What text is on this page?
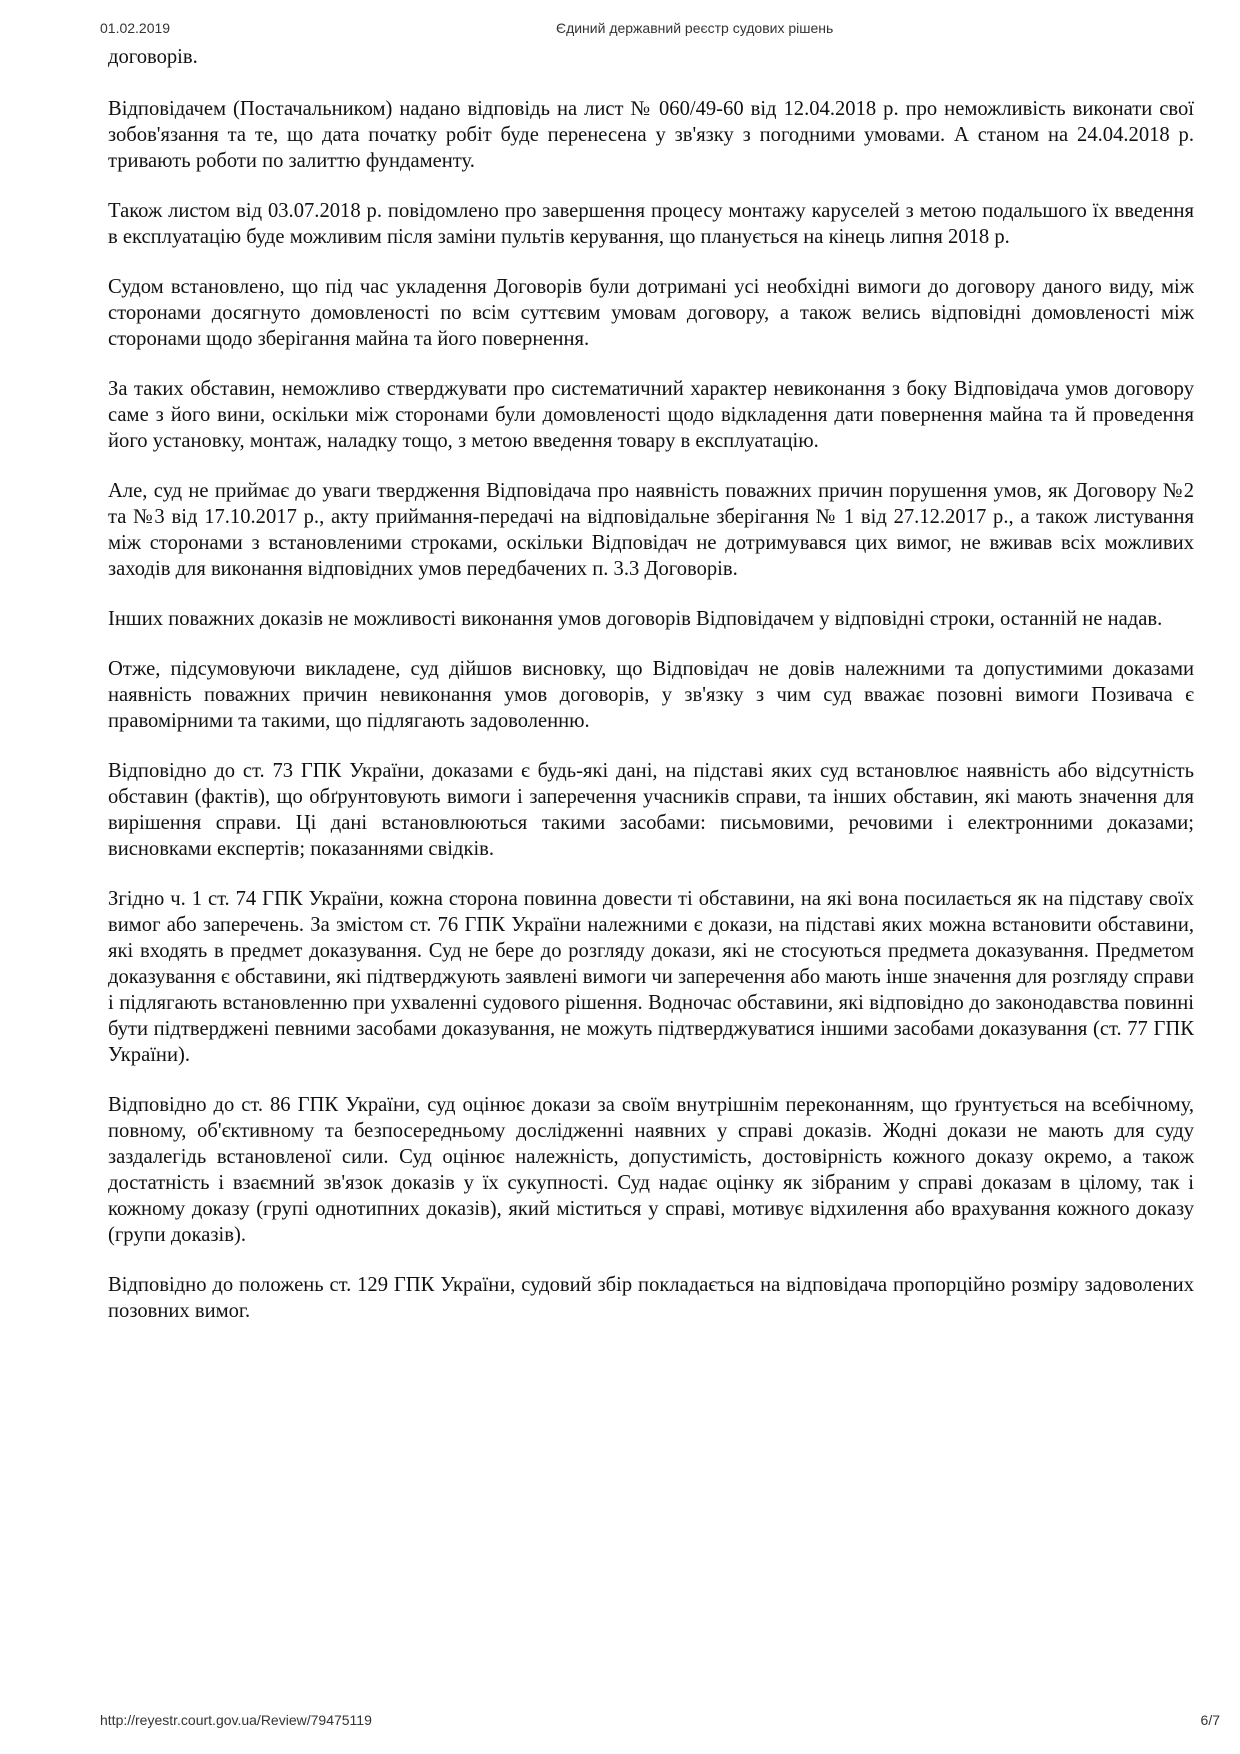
01.02.2019	Єдиний державний реєстр судових рішень

договорів.

Відповідачем (Постачальником) надано відповідь на лист № 060/49-60 від 12.04.2018 р. про неможливість виконати свої зобов'язання та те, що дата початку робіт буде перенесена у зв'язку з погодними умовами. А станом на 24.04.2018 р. тривають роботи по залиттю фундаменту.

Також листом від 03.07.2018 р. повідомлено про завершення процесу монтажу каруселей з метою подальшого їх введення в експлуатацію буде можливим після заміни пультів керування, що планується на кінець липня 2018 р.

Судом встановлено, що під час укладення Договорів були дотримані усі необхідні вимоги до договору даного виду, між сторонами досягнуто домовленості по всім суттєвим умовам договору, а також велись відповідні домовленості між сторонами щодо зберігання майна та його повернення.

За таких обставин, неможливо стверджувати про систематичний характер невиконання з боку Відповідача умов договору саме з його вини, оскільки між сторонами були домовленості щодо відкладення дати повернення майна та й проведення його установку, монтаж, наладку тощо, з метою введення товару в експлуатацію.

Але, суд не приймає до уваги твердження Відповідача про наявність поважних причин порушення умов, як Договору №2 та №3 від 17.10.2017 р., акту приймання-передачі на відповідальне зберігання № 1 від 27.12.2017 р., а також листування між сторонами з встановленими строками, оскільки Відповідач не дотримувався цих вимог, не вживав всіх можливих заходів для виконання відповідних умов передбачених п. 3.3 Договорів.

Інших поважних доказів не можливості виконання умов договорів Відповідачем у відповідні строки, останній не надав.

Отже, підсумовуючи викладене, суд дійшов висновку, що Відповідач не довів належними та допустимими доказами наявність поважних причин невиконання умов договорів, у зв'язку з чим суд вважає позовні вимоги Позивача є правомірними та такими, що підлягають задоволенню.

Відповідно до ст. 73 ГПК України, доказами є будь-які дані, на підставі яких суд встановлює наявність або відсутність обставин (фактів), що обґрунтовують вимоги і заперечення учасників справи, та інших обставин, які мають значення для вирішення справи. Ці дані встановлюються такими засобами: письмовими, речовими і електронними доказами; висновками експертів; показаннями свідків.

Згідно ч. 1 ст. 74 ГПК України, кожна сторона повинна довести ті обставини, на які вона посилається як на підставу своїх вимог або заперечень. За змістом ст. 76 ГПК України належними є докази, на підставі яких можна встановити обставини, які входять в предмет доказування. Суд не бере до розгляду докази, які не стосуються предмета доказування. Предметом доказування є обставини, які підтверджують заявлені вимоги чи заперечення або мають інше значення для розгляду справи і підлягають встановленню при ухваленні судового рішення. Водночас обставини, які відповідно до законодавства повинні бути підтверджені певними засобами доказування, не можуть підтверджуватися іншими засобами доказування (ст. 77 ГПК України).

Відповідно до ст. 86 ГПК України, суд оцінює докази за своїм внутрішнім переконанням, що ґрунтується на всебічному, повному, об'єктивному та безпосередньому дослідженні наявних у справі доказів. Жодні докази не мають для суду заздалегідь встановленої сили. Суд оцінює належність, допустимість, достовірність кожного доказу окремо, а також достатність і взаємний зв'язок доказів у їх сукупності. Суд надає оцінку як зібраним у справі доказам в цілому, так і кожному доказу (групі однотипних доказів), який міститься у справі, мотивує відхилення або врахування кожного доказу (групи доказів).

Відповідно до положень ст. 129 ГПК України, судовий збір покладається на відповідача пропорційно розміру задоволених позовних вимог.

http://reyestr.court.gov.ua/Review/79475119	6/7
